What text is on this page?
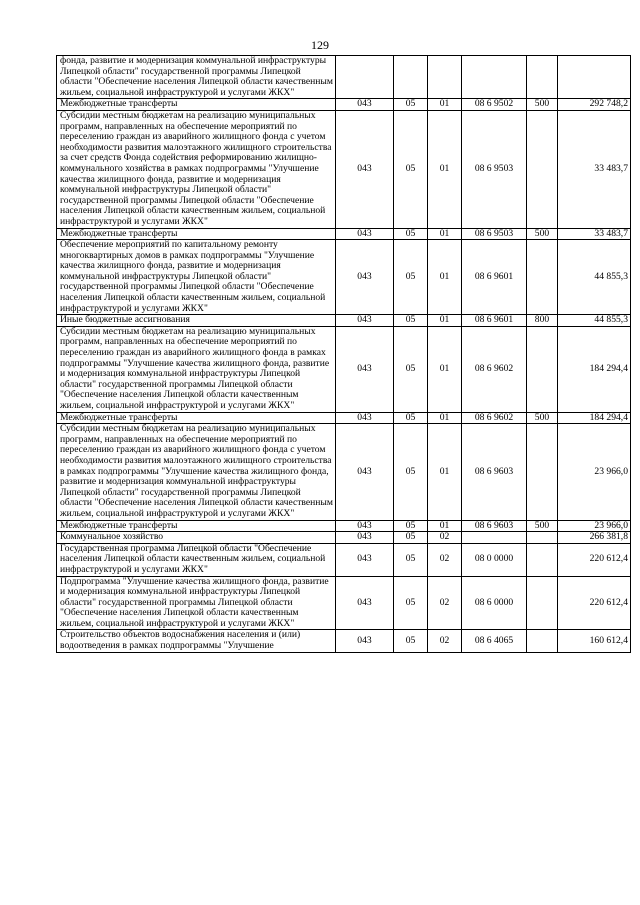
129
фонда, развитие и модернизация коммунальной инфраструктуры Липецкой области" государственной программы Липецкой области "Обеспечение населения Липецкой области качественным жильем, социальной инфраструктурой и услугами ЖКХ"						
Межбюджетные трансферты	043	05	01	08 6 9502	500	292 748,2
Субсидии местным бюджетам на реализацию муниципальных программ, направленных на обеспечение мероприятий по переселению граждан из аварийного жилищного фонда с учетом необходимости развития малоэтажного жилищного строительства за счет средств Фонда содействия реформированию жилищно-коммунального хозяйства в рамках подпрограммы "Улучшение качества жилищного фонда, развитие и модернизация коммунальной инфраструктуры Липецкой области" государственной программы Липецкой области "Обеспечение населения Липецкой области качественным жильем, социальной инфраструктурой и услугами ЖКХ"	043	05	01	08 6 9503		33 483,7
Межбюджетные трансферты	043	05	01	08 6 9503	500	33 483,7
Обеспечение мероприятий по капитальному ремонту многоквартирных домов в рамках подпрограммы "Улучшение качества жилищного фонда, развитие и модернизация коммунальной инфраструктуры Липецкой области" государственной программы Липецкой области "Обеспечение населения Липецкой области качественным жильем, социальной инфраструктурой и услугами ЖКХ"	043	05	01	08 6 9601		44 855,3
Иные бюджетные ассигнования	043	05	01	08 6 9601	800	44 855,3
Субсидии местным бюджетам на реализацию муниципальных программ, направленных на обеспечение мероприятий по переселению граждан из аварийного жилищного фонда в рамках подпрограммы "Улучшение качества жилищного фонда, развитие и модернизация коммунальной инфраструктуры Липецкой области" государственной программы Липецкой области "Обеспечение населения Липецкой области качественным жильем, социальной инфраструктурой и услугами ЖКХ"	043	05	01	08 6 9602		184 294,4
Межбюджетные трансферты	043	05	01	08 6 9602	500	184 294,4
Субсидии местным бюджетам на реализацию муниципальных программ, направленных на обеспечение мероприятий по переселению граждан из аварийного жилищного фонда с учетом необходимости развития малоэтажного жилищного строительства в рамках подпрограммы "Улучшение качества жилищного фонда, развитие и модернизация коммунальной инфраструктуры Липецкой области" государственной программы Липецкой области "Обеспечение населения Липецкой области качественным жильем, социальной инфраструктурой и услугами ЖКХ"	043	05	01	08 6 9603		23 966,0
Межбюджетные трансферты	043	05	01	08 6 9603	500	23 966,0
Коммунальное хозяйство	043	05	02			266 381,8
Государственная программа Липецкой области "Обеспечение населения Липецкой области качественным жильем, социальной инфраструктурой и услугами ЖКХ"	043	05	02	08 0 0000		220 612,4
Подпрограмма "Улучшение качества жилищного фонда, развитие и модернизация коммунальной инфраструктуры Липецкой области" государственной программы Липецкой области "Обеспечение населения Липецкой области качественным жильем, социальной инфраструктурой и услугами ЖКХ"	043	05	02	08 6 0000		220 612,4
Строительство объектов водоснабжения населения и (или) водоотведения в рамках подпрограммы "Улучшение	043	05	02	08 6 4065		160 612,4
